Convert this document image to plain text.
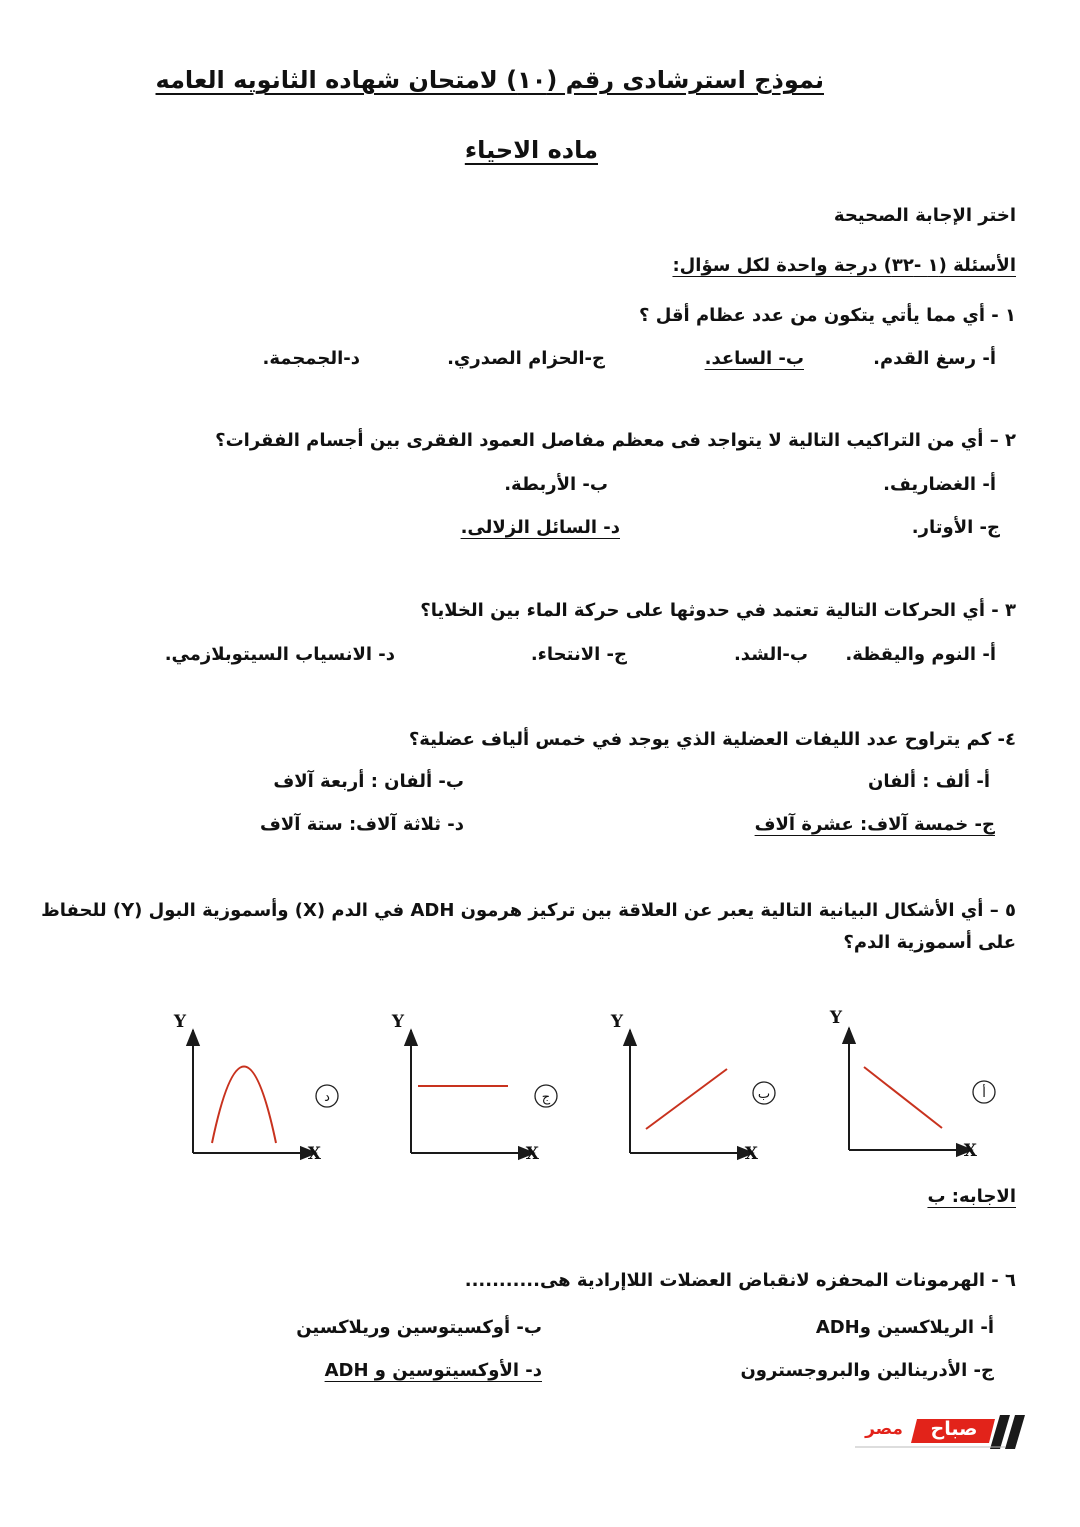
نموذج استرشادى رقم (١٠) لامتحان شهاده الثانويه العامه
ماده الاحياء
اختر الإجابة الصحيحة
الأسئلة (١ -٣٢) درجة واحدة لكل سؤال:
١ - أي مما يأتي يتكون من عدد عظام أقل ؟
أ- رسغ القدم.
ب- الساعد.
ج-الحزام الصدري.
د-الجمجمة.
٢ – أي من التراكيب التالية لا يتواجد فى معظم مفاصل العمود الفقرى بين أجسام الفقرات؟
أ- الغضاريف.
ب- الأربطة.
ج- الأوتار.
د- السائل الزلالى.
٣ - أي الحركات التالية تعتمد في حدوثها على حركة الماء بين الخلايا؟
أ- النوم واليقظة.
ب-الشد.
ج- الانتحاء.
د- الانسياب السيتوبلازمي.
٤- كم يتراوح عدد الليفات العضلية الذي يوجد في خمس ألياف عضلية؟
أ- ألف : ألفان
ب- ألفان : أربعة آلاف
ج- خمسة آلاف: عشرة آلاف
د- ثلاثة آلاف: ستة آلاف
٥ – أي الأشكال البيانية التالية يعبر عن العلاقة بين تركيز هرمون ADH في الدم (X) وأسموزية البول (Y) للحفاظ
على أسموزية الدم؟
Y
X
د
Y
X
ج
Y
X
ب
Y
X
أ
الاجابه: ب
٦ - الهرمونات المحفزه لانقباض العضلات اللاإرادية هى...........
أ- الريلاكسين وADH
ب- أوكسيتوسين وريلاكسين
ج- الأدرينالين والبروجسترون
د- الأوكسيتوسين و ADH
صباح
مصر
